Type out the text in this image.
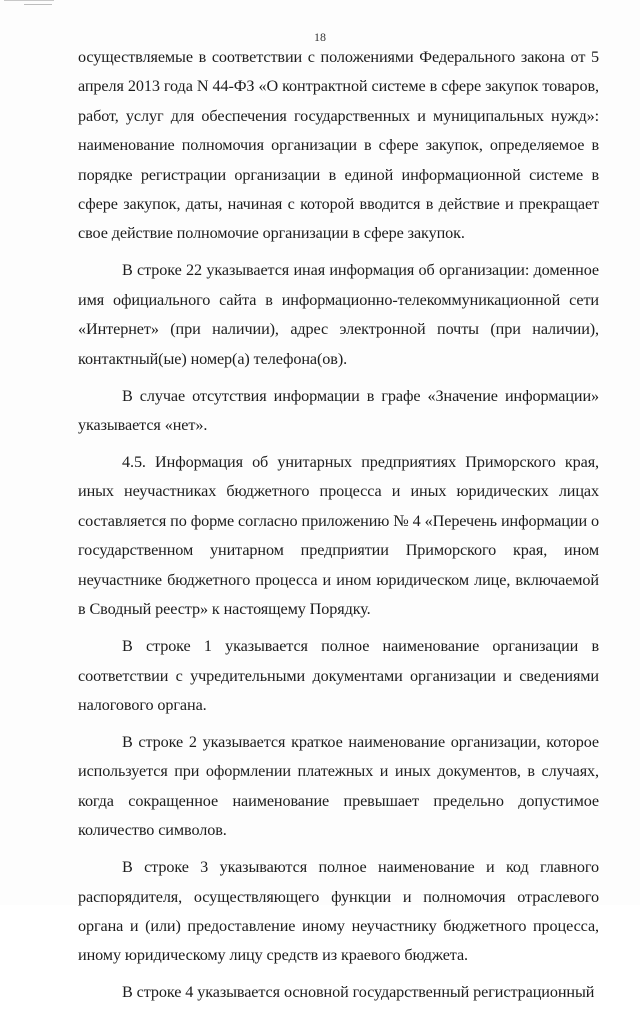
18

осуществляемые в соответствии с положениями Федерального закона от 5 апреля 2013 года N 44-ФЗ «О контрактной системе в сфере закупок товаров, работ, услуг для обеспечения государственных и муниципальных нужд»: наименование полномочия организации в сфере закупок, определяемое в порядке регистрации организации в единой информационной системе в сфере закупок, даты, начиная с которой вводится в действие и прекращает свое действие полномочие организации в сфере закупок.

В строке 22 указывается иная информация об организации: доменное имя официального сайта в информационно-телекоммуникационной сети «Интернет» (при наличии), адрес электронной почты (при наличии), контактный(ые) номер(а) телефона(ов).

В случае отсутствия информации в графе «Значение информации» указывается «нет».

4.5. Информация об унитарных предприятиях Приморского края, иных неучастниках бюджетного процесса и иных юридических лицах составляется по форме согласно приложению № 4 «Перечень информации о государственном унитарном предприятии Приморского края, ином неучастнике бюджетного процесса и ином юридическом лице, включаемой в Сводный реестр» к настоящему Порядку.

В строке 1 указывается полное наименование организации в соответствии с учредительными документами организации и сведениями налогового органа.

В строке 2 указывается краткое наименование организации, которое используется при оформлении платежных и иных документов, в случаях, когда сокращенное наименование превышает предельно допустимое количество символов.

В строке 3 указываются полное наименование и код главного распорядителя, осуществляющего функции и полномочия отраслевого органа и (или) предоставление иному неучастнику бюджетного процесса, иному юридическому лицу средств из краевого бюджета.

В строке 4 указывается основной государственный регистрационный
